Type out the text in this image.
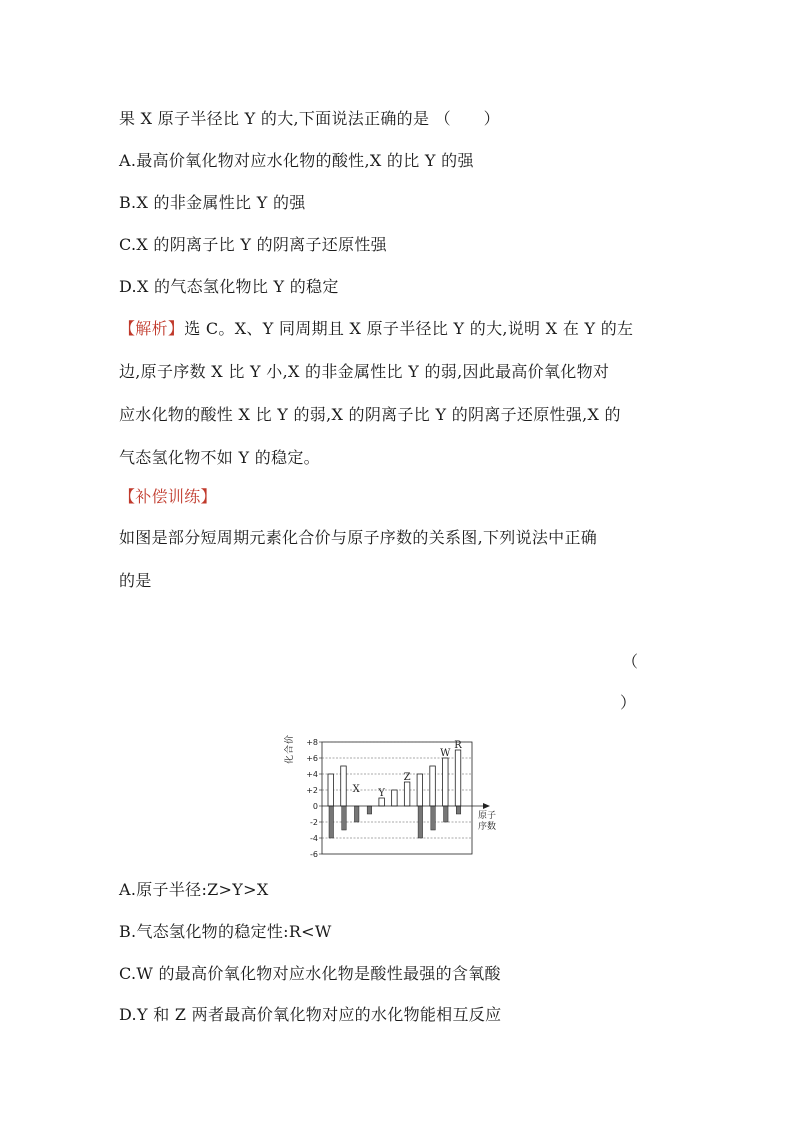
果 X 原子半径比 Y 的大,下面说法正确的是 （　　）
A.最高价氧化物对应水化物的酸性,X 的比 Y 的强
B.X 的非金属性比 Y 的强
C.X 的阴离子比 Y 的阴离子还原性强
D.X 的气态氢化物比 Y 的稳定
【解析】选 C。X、Y 同周期且 X 原子半径比 Y 的大,说明 X 在 Y 的左
边,原子序数 X 比 Y 小,X 的非金属性比 Y 的弱,因此最高价氧化物对
应水化物的酸性 X 比 Y 的弱,X 的阴离子比 Y 的阴离子还原性强,X 的
气态氢化物不如 Y 的稳定。
【补偿训练】
如图是部分短周期元素化合价与原子序数的关系图,下列说法中正确
的是
（
）
化
合
价 +8
+6
+4
+2
0
-2
-4
-6
X Y
Z
W
R
原子
序数
A.原子半径:Z>Y>X
B.气态氢化物的稳定性:R<W
C.W 的最高价氧化物对应水化物是酸性最强的含氧酸
D.Y 和 Z 两者最高价氧化物对应的水化物能相互反应
